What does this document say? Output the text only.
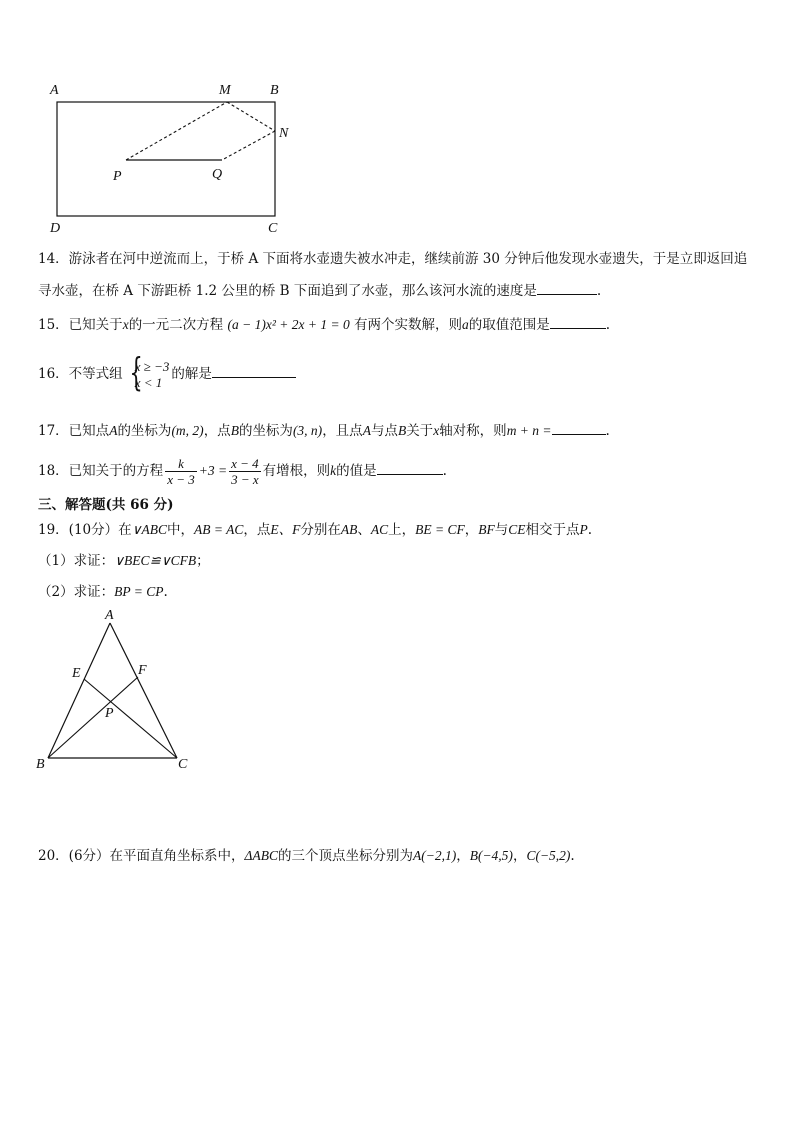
A	M	B
N
P	Q
D	C
14．游泳者在河中逆流而上，于桥 A 下面将水壶遗失被水冲走，继续前游 30 分钟后他发现水壶遗失，于是立即返回追
寻水壶，在桥 A 下游距桥 1.2 公里的桥 B 下面追到了水壶，那么该河水流的速度是	.
15．已知关于x的一元二次方程 (a − 1)x² + 2x + 1 = 0 有两个实数解，则a的取值范围是	.
16．不等式组 {
x ≥ −3
x < 1 的解是
17．已知点A的坐标为(m, 2)，点B的坐标为(3, n)，且点A与点B关于x轴对称，则m + n =	.
18．已知关于的方程 $\frac{k}{x - 3} +3 = \frac{x - 4}{3 - x}$ 有增根，则k的值是	.
三、解答题(共 66 分)
19．(10分）在∨ABC中，AB = AC，点E、F分别在AB、AC上，BE = CF，BF与CE相交于点P.
（1）求证：∨BEC≌∨CFB；
（2）求证：BP = CP.
A
E	F
P
B	C
20．(6分）在平面直角坐标系中，ΔABC的三个顶点坐标分别为A(−2,1)，B(−4,5)，C(−5,2).
